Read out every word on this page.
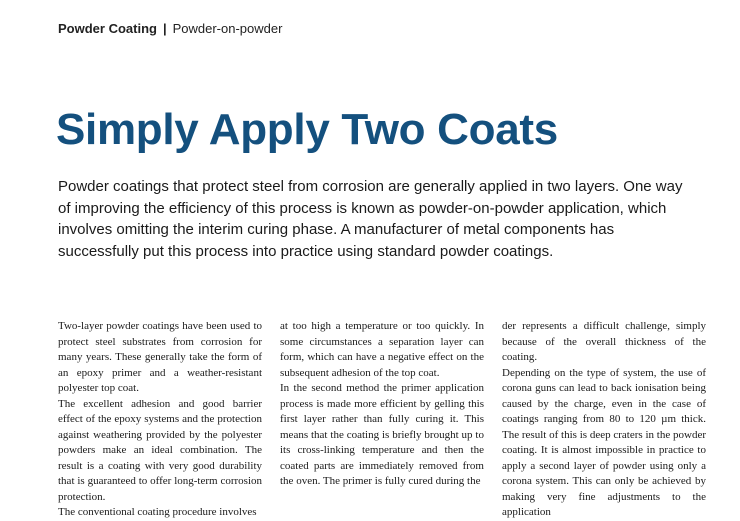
Powder Coating | Powder-on-powder
Simply Apply Two Coats

Powder coatings that protect steel from corrosion are generally applied in two layers. One way of improving the efficiency of this process is known as powder-on-powder application, which involves omitting the interim curing phase. A manufacturer of metal components has successfully put this process into practice using standard powder coatings.

Two-layer powder coatings have been used to protect steel substrates from corrosion for many years. These generally take the form of an epoxy primer and a weather-resistant polyester top coat.

The excellent adhesion and good barrier effect of the epoxy systems and the protection against weathering provided by the polyester powders make an ideal combination. The result is a coating with very good durability that is guaranteed to offer long-term corrosion protection.

The conventional coating procedure involves

at too high a temperature or too quickly. In some circumstances a separation layer can form, which can have a negative effect on the subsequent adhesion of the top coat.

In the second method the primer application process is made more efficient by gelling this first layer rather than fully curing it. This means that the coating is briefly brought up to its cross-linking temperature and then the coated parts are immediately removed from the oven. The primer is fully cured during the

der represents a difficult challenge, simply because of the overall thickness of the coating.

Depending on the type of system, the use of corona guns can lead to back ionisation being caused by the charge, even in the case of coatings ranging from 80 to 120 µm thick. The result of this is deep craters in the powder coating. It is almost impossible in practice to apply a second layer of powder using only a corona system. This can only be achieved by making very fine adjustments to the application
